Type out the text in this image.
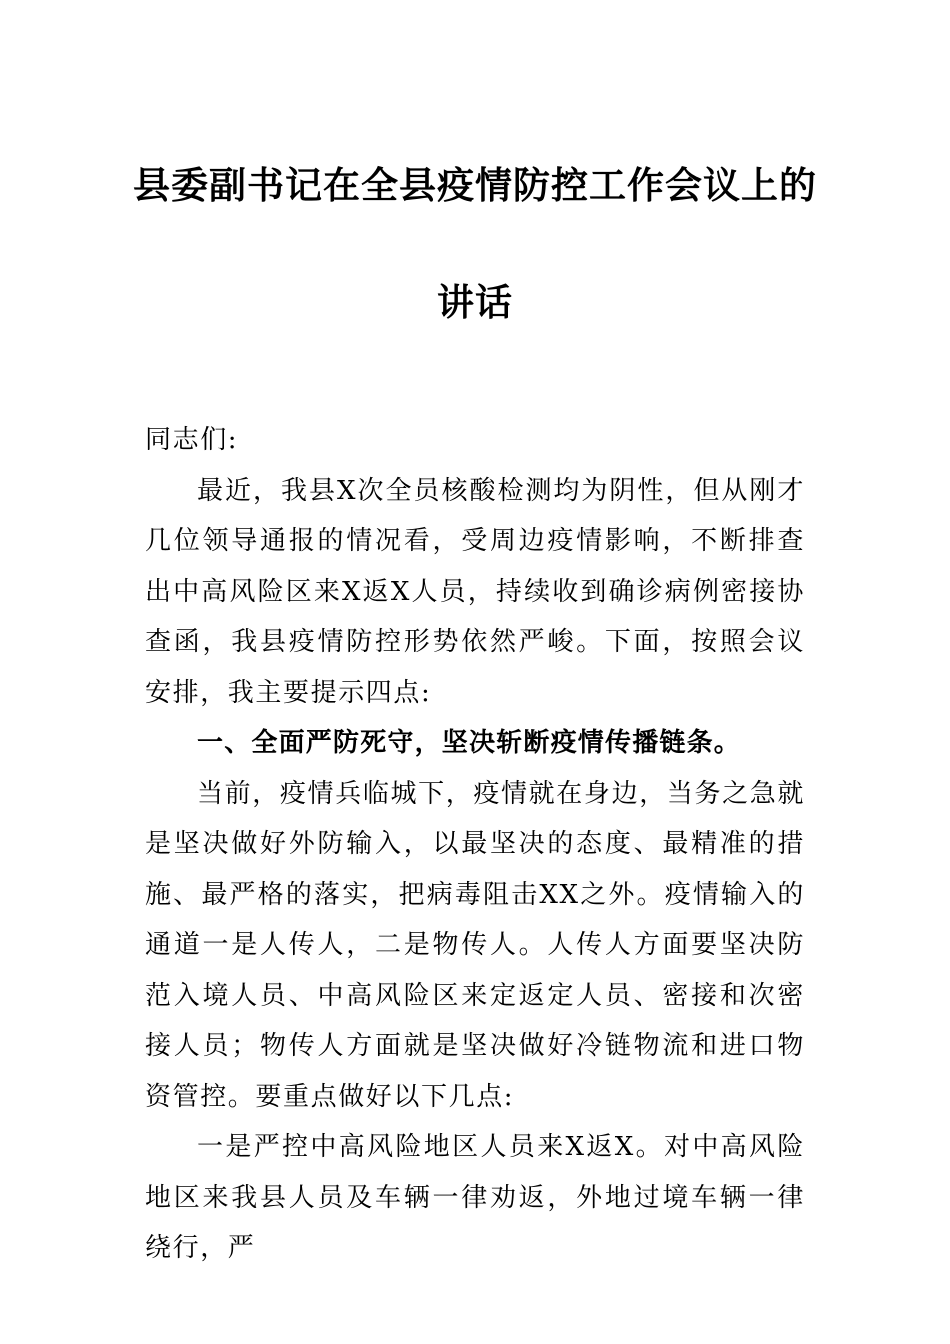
县委副书记在全县疫情防控工作会议上的
讲话

同志们:

最近，我县X次全员核酸检测均为阴性，但从刚才几位领导通报的情况看，受周边疫情影响，不断排查出中高风险区来X返X人员，持续收到确诊病例密接协查函，我县疫情防控形势依然严峻。下面，按照会议安排，我主要提示四点:

一、全面严防死守，坚决斩断疫情传播链条。

当前，疫情兵临城下，疫情就在身边，当务之急就是坚决做好外防输入，以最坚决的态度、最精准的措施、最严格的落实，把病毒阻击XX之外。疫情输入的通道一是人传人，二是物传人。人传人方面要坚决防范入境人员、中高风险区来定返定人员、密接和次密接人员；物传人方面就是坚决做好冷链物流和进口物资管控。要重点做好以下几点:

一是严控中高风险地区人员来X返X。对中高风险地区来我县人员及车辆一律劝返，外地过境车辆一律绕行，严
